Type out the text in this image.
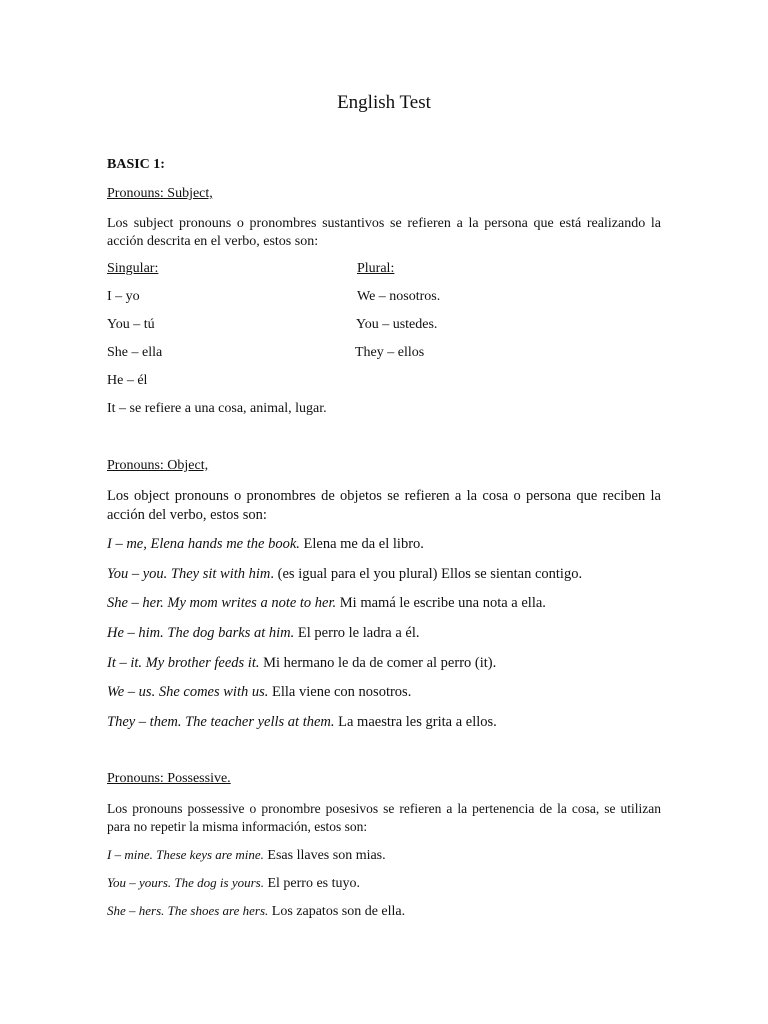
English Test
BASIC 1:
Pronouns: Subject,
Los subject pronouns o pronombres sustantivos se refieren a la persona que está realizando la acción descrita en el verbo, estos son:
Singular:	Plural:
I – yo
You – tú
She – ella
He – él
It – se refiere a una cosa, animal, lugar.
We – nosotros.
You – ustedes.
They – ellos
Pronouns: Object,
Los object pronouns o pronombres de objetos se refieren a la cosa o persona que reciben la acción del verbo, estos son:
I – me, Elena hands me the book. Elena me da el libro.
You – you. They sit with him. (es igual para el you plural) Ellos se sientan contigo.
She – her. My mom writes a note to her. Mi mamá le escribe una nota a ella.
He – him. The dog barks at him. El perro le ladra a él.
It – it. My brother feeds it. Mi hermano le da de comer al perro (it).
We – us. She comes with us. Ella viene con nosotros.
They – them. The teacher yells at them. La maestra les grita a ellos.
Pronouns: Possessive.
Los pronouns possessive o pronombre posesivos se refieren a la pertenencia de la cosa, se utilizan para no repetir la misma información, estos son:
I – mine. These keys are mine. Esas llaves son mias.
You – yours. The dog is yours. El perro es tuyo.
She – hers. The shoes are hers. Los zapatos son de ella.
